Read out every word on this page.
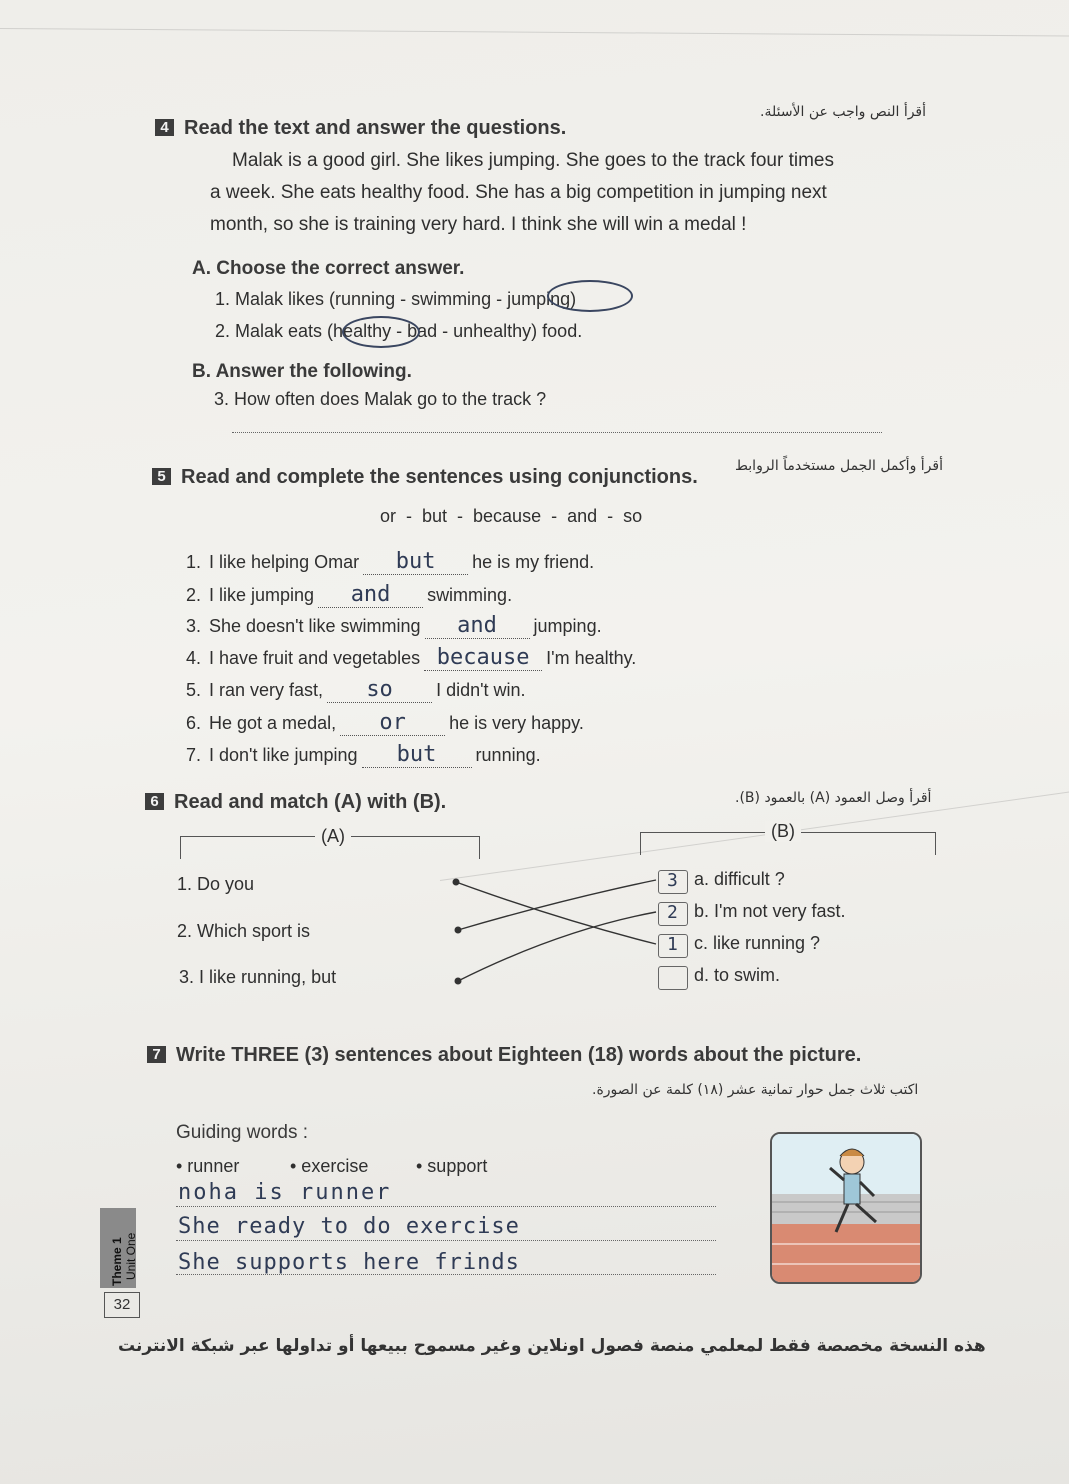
4 Read the text and answer the questions.
أقرأ النص واجب عن الأسئلة.
Malak is a good girl. She likes jumping. She goes to the track four times
a week. She eats healthy food. She has a big competition in jumping next
month, so she is training very hard. I think she will win a medal !
A. Choose the correct answer.
1. Malak likes (running - swimming - jumping)
2. Malak eats (healthy - bad - unhealthy) food.
B. Answer the following.
3. How often does Malak go to the track ?
5 Read and complete the sentences using conjunctions.	أقرأ وأكمل الجمل مستخدماً الروابط
or  -  but  -  because  -  and  -  so
1. I like helping Omar but he is my friend.
2. I like jumping and swimming.
3. She doesn't like swimming and jumping.
4. I have fruit and vegetables because I'm healthy.
5. I ran very fast, so I didn't win.
6. He got a medal, or he is very happy.
7. I don't like jumping but running.
6 Read and match (A) with (B).	أقرأ وصل العمود (A) بالعمود (B).
(A)	(B)
1. Do you
2. Which sport is
3. I like running, but
3
2
1
a. difficult ?
b. I'm not very fast.
c. like running ?
d. to swim.
7 Write THREE (3) sentences about Eighteen (18) words about the picture.
اكتب ثلاث جمل حوار تمانية عشر (١٨) كلمة عن الصورة.
Guiding words :
• runner	• exercise	• support
noha is runner
She ready to do exercise
She supports here frinds
Theme 1 Unit One
32
هذه النسخة مخصصة فقط لمعلمي منصة فصول اونلاين وغير مسموح ببيعها أو تداولها عبر شبكة الانترنت
